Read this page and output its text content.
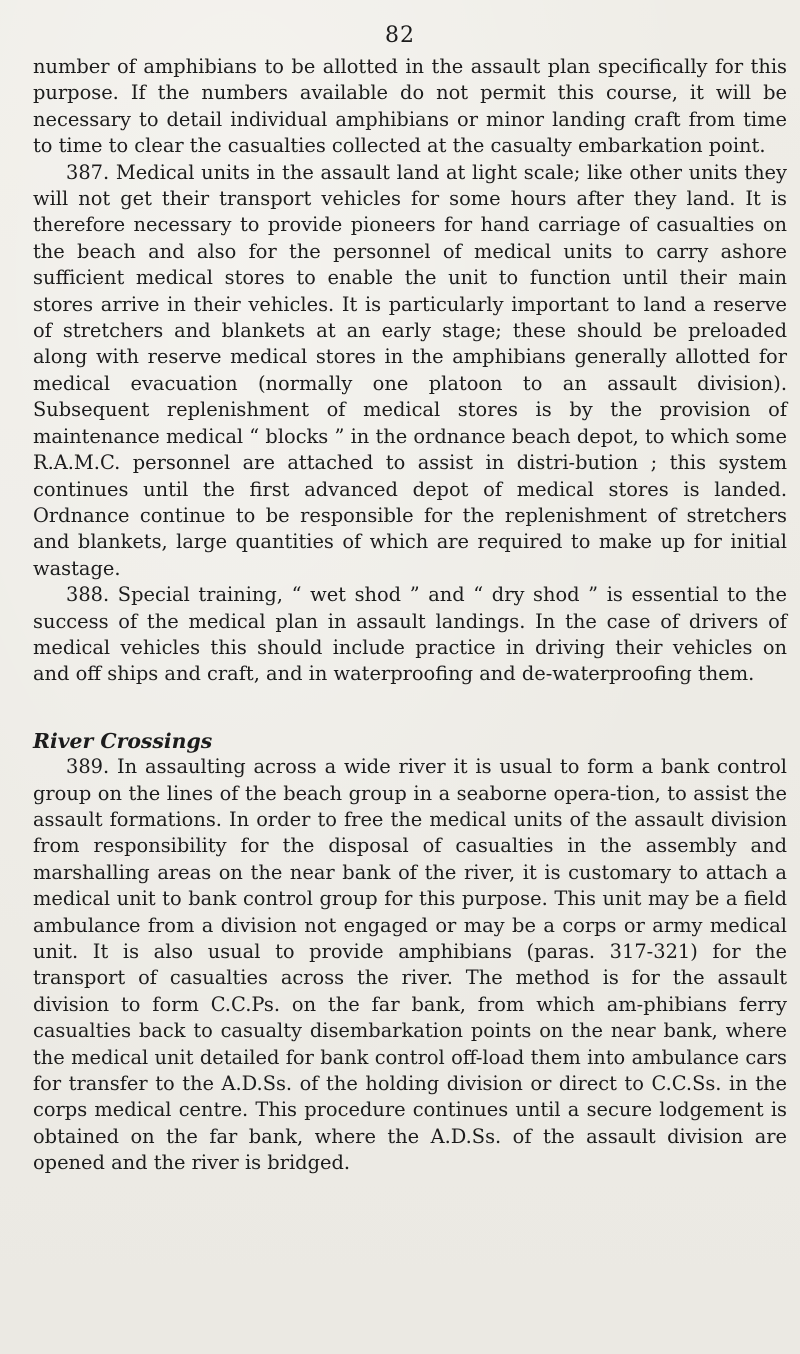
82

number of amphibians to be allotted in the assault plan specifically for this purpose. If the numbers available do not permit this course, it will be necessary to detail individual amphibians or minor landing craft from time to time to clear the casualties collected at the casualty embarkation point.

387. Medical units in the assault land at light scale; like other units they will not get their transport vehicles for some hours after they land. It is therefore necessary to provide pioneers for hand carriage of casualties on the beach and also for the personnel of medical units to carry ashore sufficient medical stores to enable the unit to function until their main stores arrive in their vehicles. It is particularly important to land a reserve of stretchers and blankets at an early stage; these should be preloaded along with reserve medical stores in the amphibians generally allotted for medical evacuation (normally one platoon to an assault division). Subsequent replenishment of medical stores is by the provision of maintenance medical “ blocks ” in the ordnance beach depot, to which some R.A.M.C. personnel are attached to assist in distri-bution ; this system continues until the first advanced depot of medical stores is landed. Ordnance continue to be responsible for the replenishment of stretchers and blankets, large quantities of which are required to make up for initial wastage.

388. Special training, “ wet shod ” and “ dry shod ” is essential to the success of the medical plan in assault landings. In the case of drivers of medical vehicles this should include practice in driving their vehicles on and off ships and craft, and in waterproofing and de-waterproofing them.

River Crossings

389. In assaulting across a wide river it is usual to form a bank control group on the lines of the beach group in a seaborne opera-tion, to assist the assault formations. In order to free the medical units of the assault division from responsibility for the disposal of casualties in the assembly and marshalling areas on the near bank of the river, it is customary to attach a medical unit to bank control group for this purpose. This unit may be a field ambulance from a division not engaged or may be a corps or army medical unit. It is also usual to provide amphibians (paras. 317-321) for the transport of casualties across the river. The method is for the assault division to form C.C.Ps. on the far bank, from which am-phibians ferry casualties back to casualty disembarkation points on the near bank, where the medical unit detailed for bank control off-load them into ambulance cars for transfer to the A.D.Ss. of the holding division or direct to C.C.Ss. in the corps medical centre. This procedure continues until a secure lodgement is obtained on the far bank, where the A.D.Ss. of the assault division are opened and the river is bridged.
